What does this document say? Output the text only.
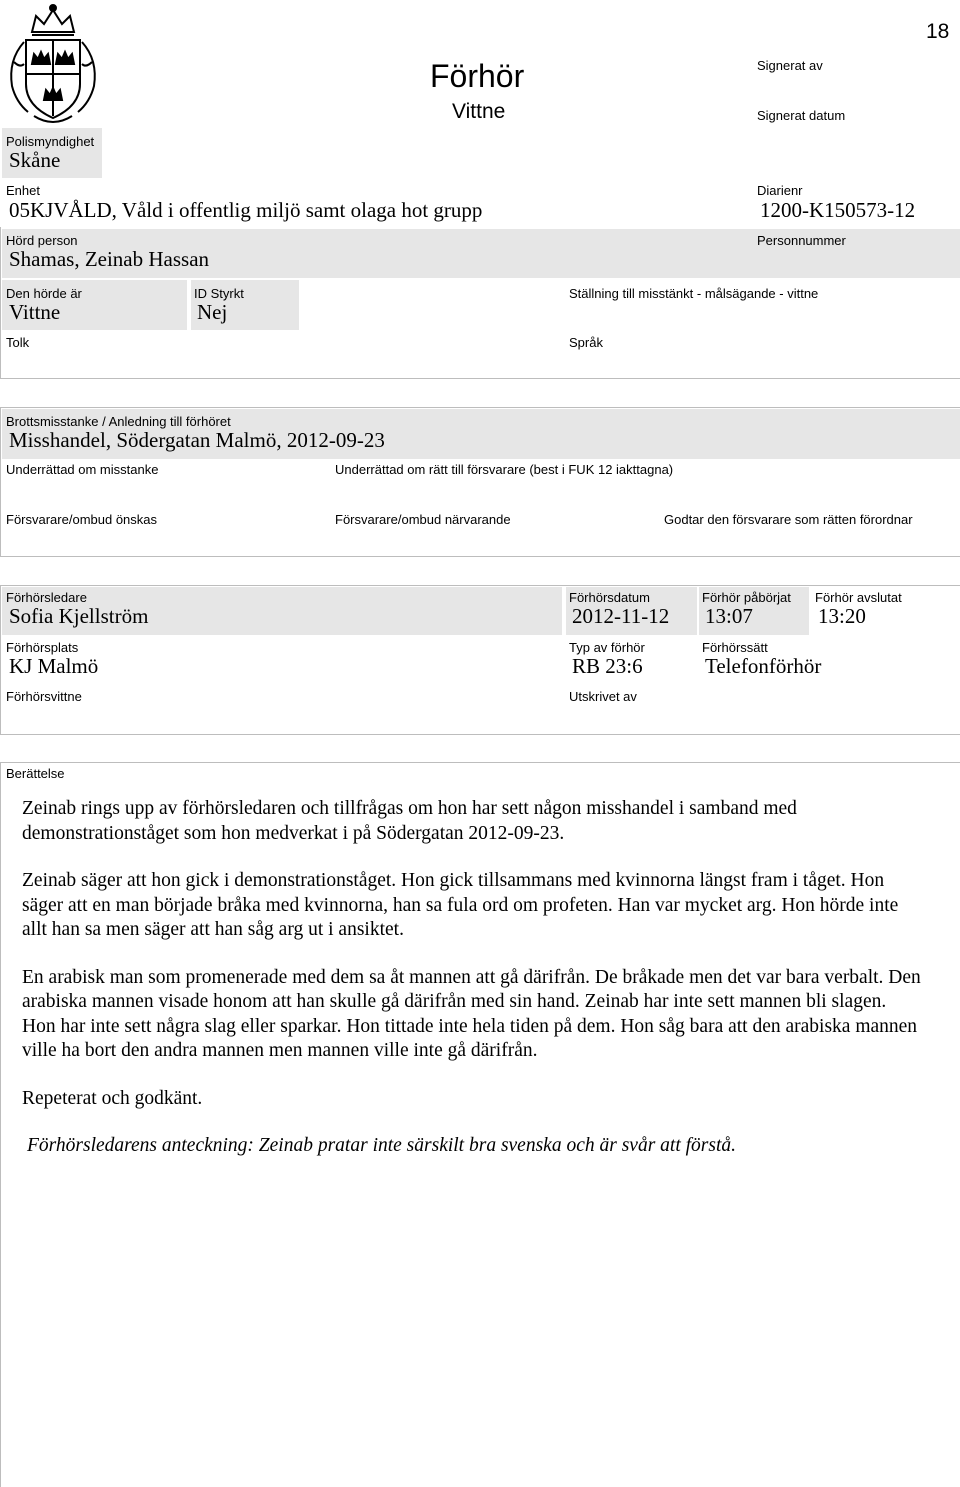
18
Förhör
Vittne
Signerat av
Signerat datum
Polismyndighet
Skåne
Enhet
05KJVÅLD, Våld i offentlig miljö samt olaga hot grupp
Diarienr
1200-K150573-12
Hörd person
Shamas, Zeinab Hassan
Personnummer
Den hörde är
Vittne
ID Styrkt
Nej
Ställning till misstänkt - målsägande - vittne
Tolk	Språk
Brottsmisstanke / Anledning till förhöret
Misshandel, Södergatan Malmö, 2012-09-23
Underrättad om misstanke	Underrättad om rätt till försvarare (best i FUK 12 iakttagna)
Försvarare/ombud önskas	Försvarare/ombud närvarande	Godtar den försvarare som rätten förordnar
Förhörsledare
Sofia Kjellström
Förhörsdatum
2012-11-12
Förhör påbörjat
13:07
Förhör avslutat
13:20
Förhörsplats
KJ Malmö
Typ av förhör
RB 23:6
Förhörssätt
Telefonförhör
Förhörsvittne	Utskrivet av
Berättelse

Zeinab rings upp av förhörsledaren och tillfrågas om hon har sett någon misshandel i samband med demonstrationståget som hon medverkat i på Södergatan 2012-09-23.

Zeinab säger att hon gick i demonstrationståget. Hon gick tillsammans med kvinnorna längst fram i tåget. Hon säger att en man började bråka med kvinnorna, han sa fula ord om profeten. Han var mycket arg. Hon hörde inte allt han sa men säger att han såg arg ut i ansiktet.

En arabisk man som promenerade med dem sa åt mannen att gå därifrån. De bråkade men det var bara verbalt. Den arabiska mannen visade honom att han skulle gå därifrån med sin hand. Zeinab har inte sett mannen bli slagen. Hon har inte sett några slag eller sparkar. Hon tittade inte hela tiden på dem. Hon såg bara att den arabiska mannen ville ha bort den andra mannen men mannen ville inte gå därifrån.

Repeterat och godkänt.

Förhörsledarens anteckning: Zeinab pratar inte särskilt bra svenska och är svår att förstå.
